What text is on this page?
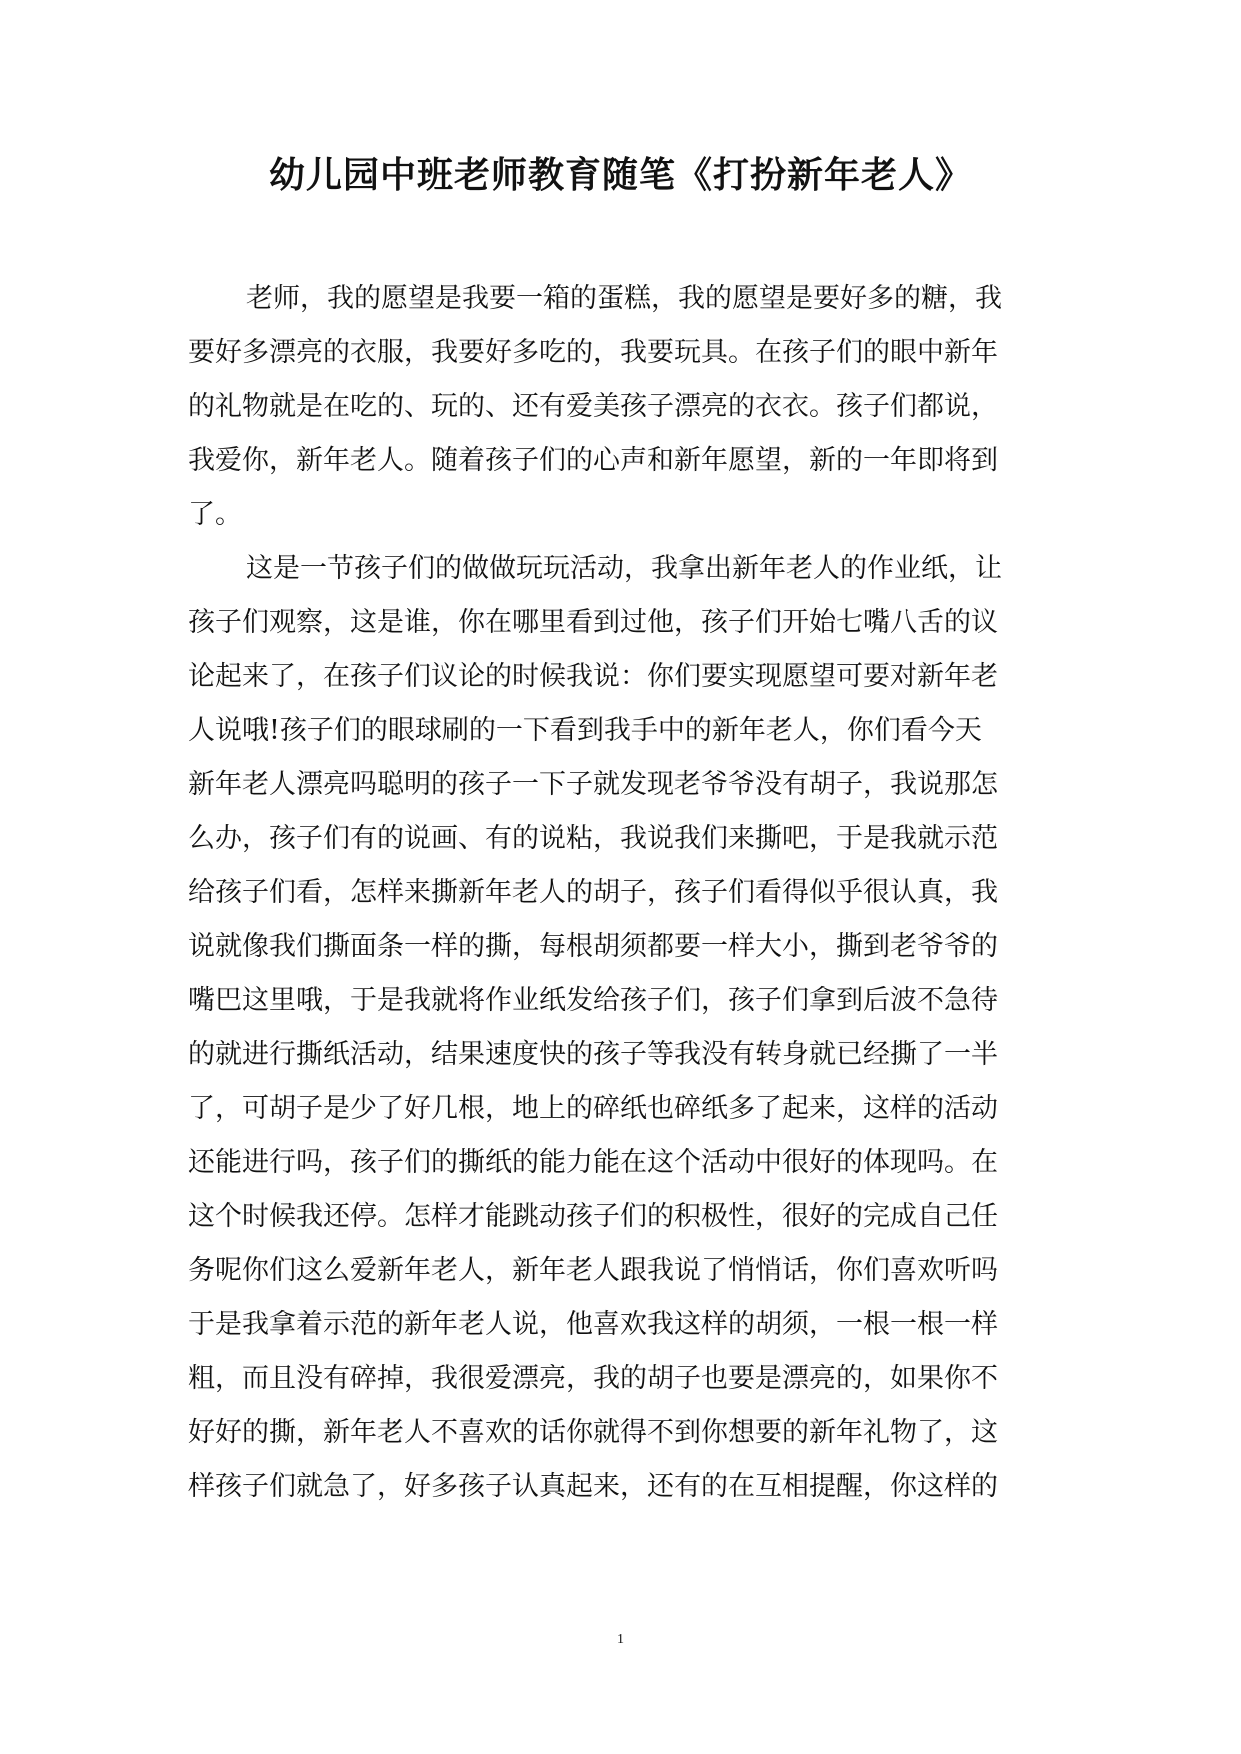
幼儿园中班老师教育随笔《打扮新年老人》
老师，我的愿望是我要一箱的蛋糕，我的愿望是要好多的糖，我
要好多漂亮的衣服，我要好多吃的，我要玩具。在孩子们的眼中新年
的礼物就是在吃的、玩的、还有爱美孩子漂亮的衣衣。孩子们都说，
我爱你，新年老人。随着孩子们的心声和新年愿望，新的一年即将到
了。
这是一节孩子们的做做玩玩活动，我拿出新年老人的作业纸，让
孩子们观察，这是谁，你在哪里看到过他，孩子们开始七嘴八舌的议
论起来了，在孩子们议论的时候我说：你们要实现愿望可要对新年老
人说哦!孩子们的眼球刷的一下看到我手中的新年老人，你们看今天
新年老人漂亮吗聪明的孩子一下子就发现老爷爷没有胡子，我说那怎
么办，孩子们有的说画、有的说粘，我说我们来撕吧，于是我就示范
给孩子们看，怎样来撕新年老人的胡子，孩子们看得似乎很认真，我
说就像我们撕面条一样的撕，每根胡须都要一样大小，撕到老爷爷的
嘴巴这里哦，于是我就将作业纸发给孩子们，孩子们拿到后波不急待
的就进行撕纸活动，结果速度快的孩子等我没有转身就已经撕了一半
了，可胡子是少了好几根，地上的碎纸也碎纸多了起来，这样的活动
还能进行吗，孩子们的撕纸的能力能在这个活动中很好的体现吗。在
这个时候我还停。怎样才能跳动孩子们的积极性，很好的完成自己任
务呢你们这么爱新年老人，新年老人跟我说了悄悄话，你们喜欢听吗
于是我拿着示范的新年老人说，他喜欢我这样的胡须，一根一根一样
粗，而且没有碎掉，我很爱漂亮，我的胡子也要是漂亮的，如果你不
好好的撕，新年老人不喜欢的话你就得不到你想要的新年礼物了，这
样孩子们就急了，好多孩子认真起来，还有的在互相提醒，你这样的
1
